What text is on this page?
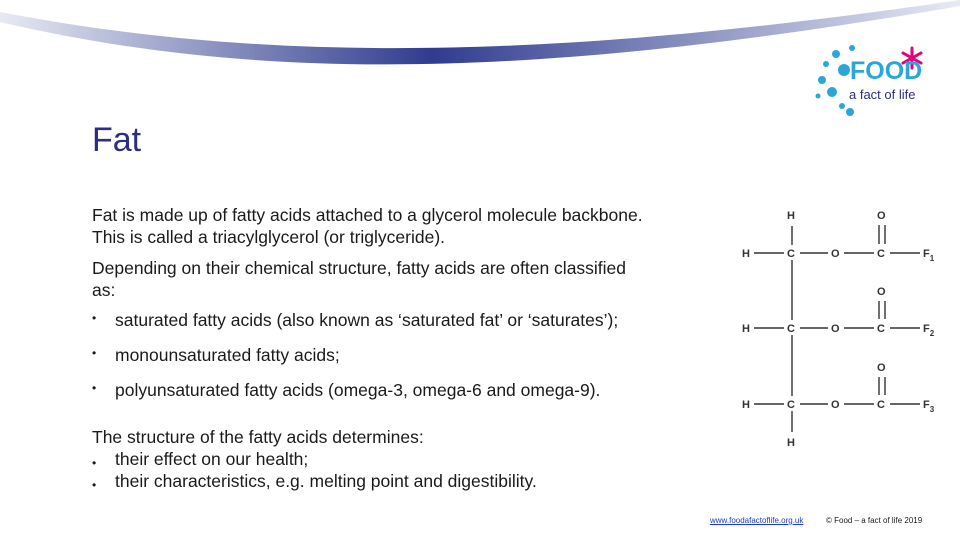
FOOD
a fact of life
Fat
Fat is made up of fatty acids attached to a glycerol molecule backbone.
This is called a triacylglycerol (or triglyceride).
Depending on their chemical structure, fatty acids are often classified
as:
• saturated fatty acids (also known as ‘saturated fat’ or ‘saturates’);
• monounsaturated fatty acids;
• polyunsaturated fatty acids (omega-3, omega-6 and omega-9).
The structure of the fatty acids determines:
• their effect on our health;
• their characteristics, e.g. melting point and digestibility.
H
H	C	O	C	$F_1$
O
H	C	O	C	$F_2$
O
H	C	O	C	$F_3$
O
H
www.foodafactoflife.org.uk	© Food – a fact of life 2019
